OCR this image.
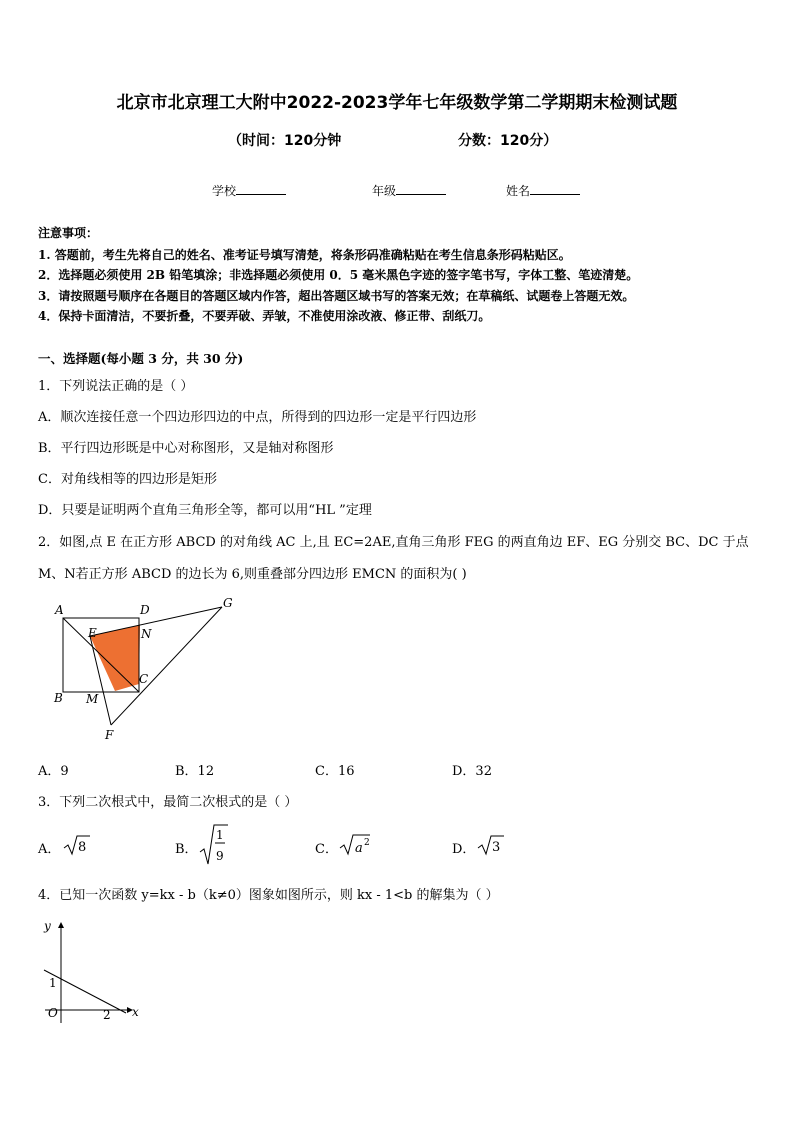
北京市北京理工大附中2022-2023学年七年级数学第二学期期末检测试题
（时间：120分钟	分数：120分）
学校	年级	姓名
注意事项：
1. 答题前，考生先将自己的姓名、准考证号填写清楚，将条形码准确粘贴在考生信息条形码粘贴区。
2．选择题必须使用 2B 铅笔填涂；非选择题必须使用 0．5 毫米黑色字迹的签字笔书写，字体工整、笔迹清楚。
3．请按照题号顺序在各题目的答题区域内作答，超出答题区域书写的答案无效；在草稿纸、试题卷上答题无效。
4．保持卡面清洁，不要折叠，不要弄破、弄皱，不准使用涂改液、修正带、刮纸刀。
一、选择题(每小题 3 分，共 30 分)
1．下列说法正确的是（ ）
A．顺次连接任意一个四边形四边的中点，所得到的四边形一定是平行四边形
B．平行四边形既是中心对称图形，又是轴对称图形
C．对角线相等的四边形是矩形
D．只要是证明两个直角三角形全等，都可以用“HL ”定理
2．如图,点 E 在正方形 ABCD 的对角线 AC 上,且 EC=2AE,直角三角形 FEG 的两直角边 EF、EG 分别交 BC、DC 于点
M、N若正方形 ABCD 的边长为 6,则重叠部分四边形 EMCN 的面积为( )
A	D	G
E	N
C
B M
F
A．9	B．12	C．16	D．32
3．下列二次根式中，最简二次根式的是（ ）
A． 8	B．
1
9	C． a 2	D． 3
4．已知一次函数 y=kx - b（k≠0）图象如图所示，则 kx - 1<b 的解集为（ ）
y
x
O
1
2
